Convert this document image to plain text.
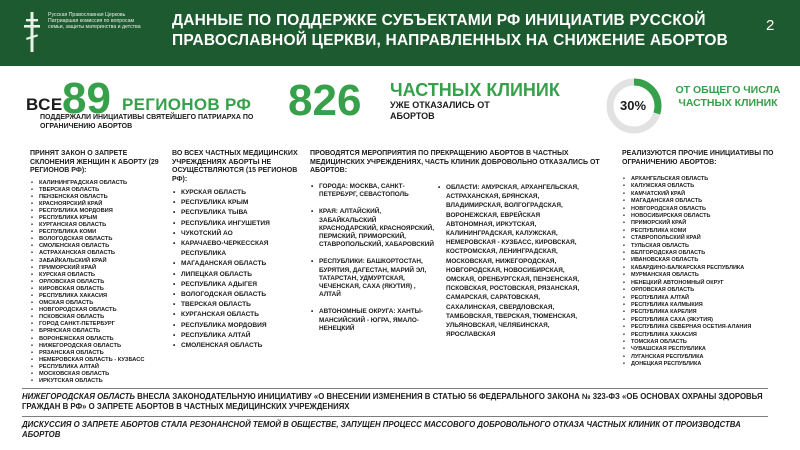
Русская Православная Церковь
Патриаршая комиссия по вопросам семьи, защиты материнства и детства	ДАННЫЕ ПО ПОДДЕРЖКЕ СУБЪЕКТАМИ РФ ИНИЦИАТИВ РУССКОЙ ПРАВОСЛАВНОЙ ЦЕРКВИ, НАПРАВЛЕННЫХ НА СНИЖЕНИЕ АБОРТОВ
2
ВСЕ 89 РЕГИОНОВ РФ
ПОДДЕРЖАЛИ ИНИЦИАТИВЫ СВЯТЕЙШЕГО ПАТРИАРХА ПО ОГРАНИЧЕНИЮ АБОРТОВ
826 ЧАСТНЫХ КЛИНИК
УЖЕ ОТКАЗАЛИСЬ ОТ АБОРТОВ
30%
ОТ ОБЩЕГО ЧИСЛА ЧАСТНЫХ КЛИНИК
ПРИНЯТ ЗАКОН О ЗАПРЕТЕ СКЛОНЕНИЯ ЖЕНЩИН К АБОРТУ (29 РЕГИОНОВ РФ):
• КАЛИНИНГРАДСКАЯ ОБЛАСТЬ
• ТВЕРСКАЯ ОБЛАСТЬ
• ПЕНЗЕНСКАЯ ОБЛАСТЬ
• КРАСНОЯРСКИЙ КРАЙ
• РЕСПУБЛИКА МОРДОВИЯ
• РЕСПУБЛИКА КРЫМ
• КУРГАНСКАЯ ОБЛАСТЬ
• РЕСПУБЛИКА КОМИ
• ВОЛОГОДСКАЯ ОБЛАСТЬ
• СМОЛЕНСКАЯ ОБЛАСТЬ
• АСТРАХАНСКАЯ ОБЛАСТЬ
• ЗАБАЙКАЛЬСКИЙ КРАЙ
• ПРИМОРСКИЙ КРАЙ
• КУРСКАЯ ОБЛАСТЬ
• ОРЛОВСКАЯ ОБЛАСТЬ
• КИРОВСКАЯ ОБЛАСТЬ
• РЕСПУБЛИКА ХАКАСИЯ
• ОМСКАЯ ОБЛАСТЬ
• НОВГОРОДСКАЯ ОБЛАСТЬ
• ПСКОВСКАЯ ОБЛАСТЬ
• ГОРОД САНКТ-ПЕТЕРБУРГ
• БРЯНСКАЯ ОБЛАСТЬ
• ВОРОНЕЖСКАЯ ОБЛАСТЬ
• НИЖЕГОРОДСКАЯ ОБЛАСТЬ
• РЯЗАНСКАЯ ОБЛАСТЬ
• НЕМЕРОВСКАЯ ОБЛАСТЬ - КУЗБАСС
• РЕСПУБЛИКА АЛТАЙ
• МОСКОВСКАЯ ОБЛАСТЬ
• ИРКУТСКАЯ ОБЛАСТЬ
ВО ВСЕХ ЧАСТНЫХ МЕДИЦИНСКИХ УЧРЕЖДЕНИЯХ АБОРТЫ НЕ ОСУЩЕСТВЛЯЮТСЯ (15 РЕГИОНОВ РФ):
• КУРСКАЯ ОБЛАСТЬ
• РЕСПУБЛИКА КРЫМ
• РЕСПУБЛИКА ТЫВА
• РЕСПУБЛИКА ИНГУШЕТИЯ
• ЧУКОТСКИЙ АО
• КАРАЧАЕВО-ЧЕРКЕССКАЯ РЕСПУБЛИКА
• МАГАДАНСКАЯ ОБЛАСТЬ
• ЛИПЕЦКАЯ ОБЛАСТЬ
• РЕСПУБЛИКА АДЫГЕЯ
• ВОЛОГОДСКАЯ ОБЛАСТЬ
• ТВЕРСКАЯ ОБЛАСТЬ
• КУРГАНСКАЯ ОБЛАСТЬ
• РЕСПУБЛИКА МОРДОВИЯ
• РЕСПУБЛИКА АЛТАЙ
• СМОЛЕНСКАЯ ОБЛАСТЬ
ПРОВОДЯТСЯ МЕРОПРИЯТИЯ ПО ПРЕКРАЩЕНИЮ АБОРТОВ В ЧАСТНЫХ МЕДИЦИНСКИХ УЧРЕЖДЕНИЯХ, ЧАСТЬ КЛИНИК ДОБРОВОЛЬНО ОТКАЗАЛИСЬ ОТ АБОРТОВ:
• ГОРОДА: МОСКВА, САНКТ-ПЕТЕРБУРГ, СЕВАСТОПОЛЬ
• КРАЯ: АЛТАЙСКИЙ, ЗАБАЙКАЛЬСКИЙ КРАСНОДАРСКИЙ, КРАСНОЯРСКИЙ, ПЕРМСКИЙ, ПРИМОРСКИЙ, СТАВРОПОЛЬСКИЙ, ХАБАРОВСКИЙ
• РЕСПУБЛИКИ: БАШКОРТОСТАН, БУРЯТИЯ, ДАГЕСТАН, МАРИЙ ЭЛ, ТАТАРСТАН, УДМУРТСКАЯ, ЧЕЧЕНСКАЯ, САХА (ЯКУТИЯ) , АЛТАЙ
• АВТОНОМНЫЕ ОКРУГА: ХАНТЫ-МАНСИЙСКИЙ - ЮГРА, ЯМАЛО-НЕНЕЦКИЙ
• ОБЛАСТИ: АМУРСКАЯ, АРХАНГЕЛЬСКАЯ, АСТРАХАНСКАЯ, БРЯНСКАЯ, ВЛАДИМИРСКАЯ, ВОЛГОГРАДСКАЯ, ВОРОНЕЖСКАЯ, ЕВРЕЙСКАЯ АВТОНОМНАЯ, ИРКУТСКАЯ, КАЛИНИНГРАДСКАЯ, КАЛУЖСКАЯ, НЕМЕРОВСКАЯ - КУЗБАСС, КИРОВСКАЯ, КОСТРОМСКАЯ, ЛЕНИНГРАДСКАЯ, МОСКОВСКАЯ, НИЖЕГОРОДСКАЯ, НОВГОРОДСКАЯ, НОВОСИБИРСКАЯ, ОМСКАЯ, ОРЕНБУРГСКАЯ, ПЕНЗЕНСКАЯ, ПСКОВСКАЯ, РОСТОВСКАЯ, РЯЗАНСКАЯ, САМАРСКАЯ, САРАТОВСКАЯ, САХАЛИНСКАЯ, СВЕРДЛОВСКАЯ, ТАМБОВСКАЯ, ТВЕРСКАЯ, ТЮМЕНСКАЯ, УЛЬЯНОВСКАЯ, ЧЕЛЯБИНСКАЯ, ЯРОСЛАВСКАЯ
РЕАЛИЗУЮТСЯ ПРОЧИЕ ИНИЦИАТИВЫ ПО ОГРАНИЧЕНИЮ АБОРТОВ:
• АРХАНГЕЛЬСКАЯ ОБЛАСТЬ
• КАЛУЖСКАЯ ОБЛАСТЬ
• КАМЧАТСКИЙ КРАЙ
• МАГАДАНСКАЯ ОБЛАСТЬ
• НОВГОРОДСКАЯ ОБЛАСТЬ
• НОВОСИБИРСКАЯ ОБЛАСТЬ
• ПРИМОРСКИЙ КРАЙ
• РЕСПУБЛИКА КОМИ
• СТАВРОПОЛЬСКИЙ КРАЙ
• ТУЛЬСКАЯ ОБЛАСТЬ
• БЕЛГОРОДСКАЯ ОБЛАСТЬ
• ИВАНОВСКАЯ ОБЛАСТЬ
• КАБАРДИНО-БАЛКАРСКАЯ РЕСПУБЛИКА
• МУРМАНСКАЯ ОБЛАСТЬ
• НЕНЕЦКИЙ АВТОНОМНЫЙ ОКРУГ
• ОРЛОВСКАЯ ОБЛАСТЬ
• РЕСПУБЛИКА АЛТАЙ
• РЕСПУБЛИКА КАЛМЫКИЯ
• РЕСПУБЛИКА КАРЕЛИЯ
• РЕСПУБЛИКА САХА (ЯКУТИЯ)
• РЕСПУБЛИКА СЕВЕРНАЯ ОСЕТИЯ-АЛАНИЯ
• РЕСПУБЛИКА ХАКАСИЯ
• ТОМСКАЯ ОБЛАСТЬ
• ЧУВАШСКАЯ РЕСПУБЛИКА
• ЛУГАНСКАЯ РЕСПУБЛИКА
• ДОНЕЦКАЯ РЕСПУБЛИКА
НИЖЕГОРОДСКАЯ ОБЛАСТЬ ВНЕСЛА ЗАКОНОДАТЕЛЬНУЮ ИНИЦИАТИВУ «О ВНЕСЕНИИ ИЗМЕНЕНИЯ В СТАТЬЮ 56 ФЕДЕРАЛЬНОГО ЗАКОНА № 323-ФЗ «ОБ ОСНОВАХ ОХРАНЫ ЗДОРОВЬЯ ГРАЖДАН В РФ» О ЗАПРЕТЕ АБОРТОВ В ЧАСТНЫХ МЕДИЦИНСКИХ УЧРЕЖДЕНИЯХ
ДИСКУССИЯ О ЗАПРЕТЕ АБОРТОВ СТАЛА РЕЗОНАНСНОЙ ТЕМОЙ В ОБЩЕСТВЕ, ЗАПУЩЕН ПРОЦЕСС МАССОВОГО ДОБРОВОЛЬНОГО ОТКАЗА ЧАСТНЫХ КЛИНИК ОТ ПРОИЗВОДСТВА АБОРТОВ
